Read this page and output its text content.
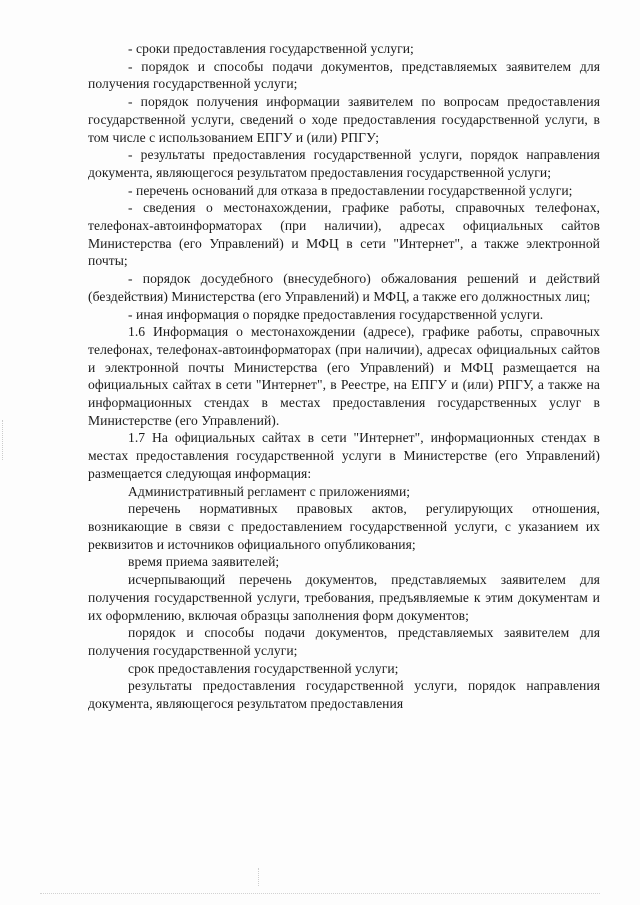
- сроки предоставления государственной услуги;

- порядок и способы подачи документов, представляемых заявителем для получения государственной услуги;

- порядок получения информации заявителем по вопросам предоставления государственной услуги, сведений о ходе предоставления государственной услуги, в том числе с использованием ЕПГУ и (или) РПГУ;

- результаты предоставления государственной услуги, порядок направления документа, являющегося результатом предоставления государственной услуги;

- перечень оснований для отказа в предоставлении государственной услуги;

- сведения о местонахождении, графике работы, справочных телефонах, телефонах-автоинформаторах (при наличии), адресах официальных сайтов Министерства (его Управлений) и МФЦ в сети "Интернет", а также электронной почты;

- порядок досудебного (внесудебного) обжалования решений и действий (бездействия) Министерства (его Управлений) и МФЦ, а также его должностных лиц;

- иная информация о порядке предоставления государственной услуги.

1.6 Информация о местонахождении (адресе), графике работы, справочных телефонах, телефонах-автоинформаторах (при наличии), адресах официальных сайтов и электронной почты Министерства (его Управлений) и МФЦ размещается на официальных сайтах в сети "Интернет", в Реестре, на ЕПГУ и (или) РПГУ, а также на информационных стендах в местах предоставления государственных услуг в Министерстве (его Управлений).

1.7 На официальных сайтах в сети "Интернет", информационных стендах в местах предоставления государственной услуги в Министерстве (его Управлений) размещается следующая информация:

Административный регламент с приложениями;

перечень нормативных правовых актов, регулирующих отношения, возникающие в связи с предоставлением государственной услуги, с указанием их реквизитов и источников официального опубликования;

время приема заявителей;

исчерпывающий перечень документов, представляемых заявителем для получения государственной услуги, требования, предъявляемые к этим документам и их оформлению, включая образцы заполнения форм документов;

порядок и способы подачи документов, представляемых заявителем для получения государственной услуги;

срок предоставления государственной услуги;

результаты предоставления государственной услуги, порядок направления документа, являющегося результатом предоставления
